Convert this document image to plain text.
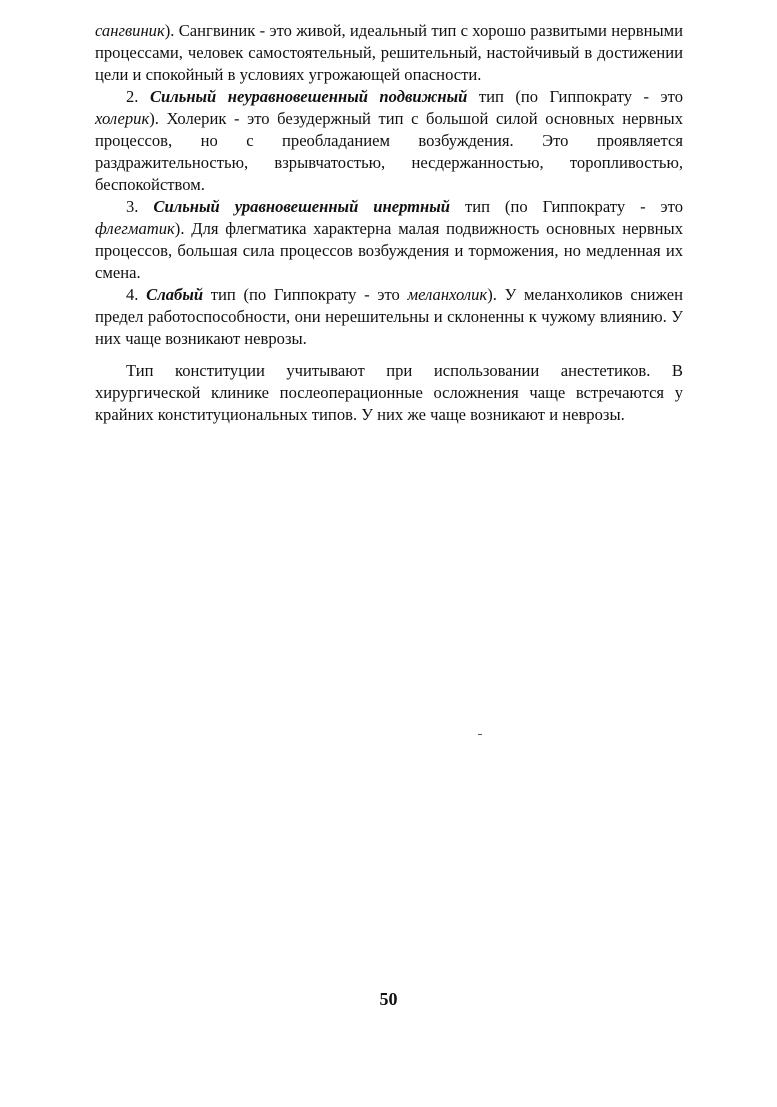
сангвиник). Сангвиник - это живой, идеальный тип с хорошо развитыми нервными процессами, человек самостоятельный, решительный, настойчивый в достижении цели и спокойный в условиях угрожающей опасности.

2. Сильный неуравновешенный подвижный тип (по Гиппократу - это холерик). Холерик - это безудержный тип с большой силой основных нервных процессов, но с преобладанием возбуждения. Это проявляется раздражительностью, взрывчатостью, несдержанностью, торопливостью, беспокойством.

3. Сильный уравновешенный инертный тип (по Гиппократу - это флегматик). Для флегматика характерна малая подвижность основных нервных процессов, большая сила процессов возбуждения и торможения, но медленная их смена.

4. Слабый тип (по Гиппократу - это меланхолик). У меланхоликов снижен предел работоспособности, они нерешительны и склоненны к чужому влиянию. У них чаще возникают неврозы.

Тип конституции учитывают при использовании анестетиков. В хирургической клинике послеоперационные осложнения чаще встречаются у крайних конституциональных типов. У них же чаще возникают и неврозы.

50
